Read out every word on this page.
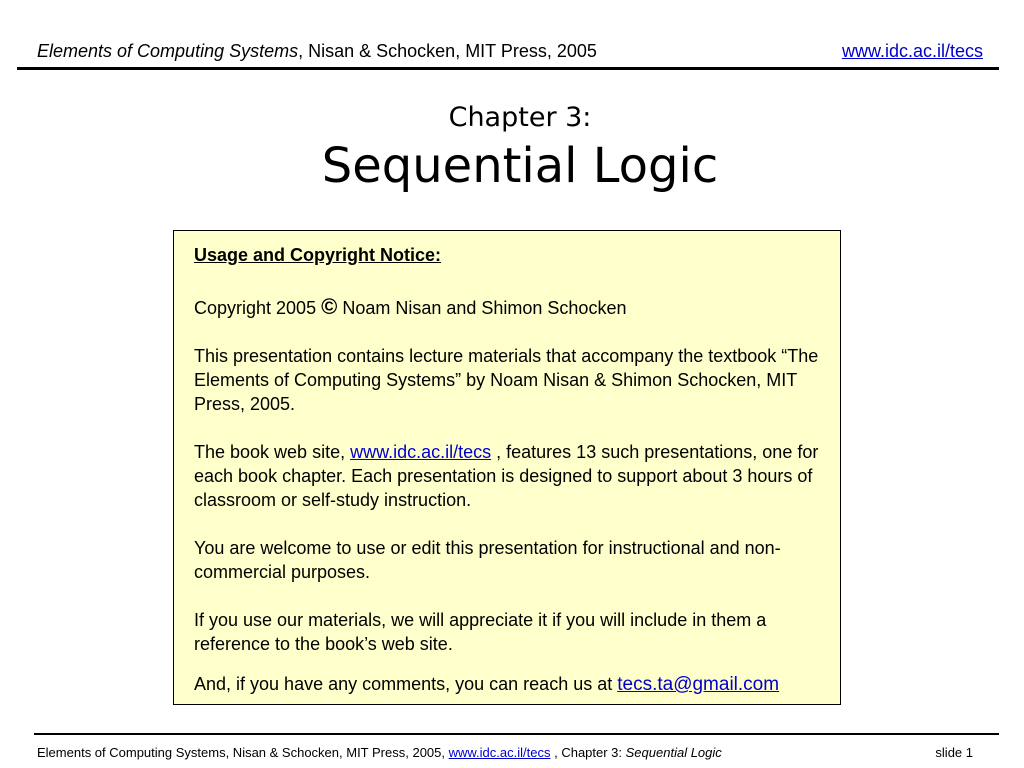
Elements of Computing Systems, Nisan & Schocken, MIT Press, 2005	www.idc.ac.il/tecs
Chapter 3:
Sequential Logic

Usage and Copyright Notice:

Copyright 2005 © Noam Nisan and Shimon Schocken

This presentation contains lecture materials that accompany the textbook “The Elements of Computing Systems” by Noam Nisan & Shimon Schocken, MIT Press, 2005.

The book web site, www.idc.ac.il/tecs , features 13 such presentations, one for each book chapter. Each presentation is designed to support about 3 hours of classroom or self-study instruction.

You are welcome to use or edit this presentation for instructional and non-commercial purposes.

If you use our materials, we will appreciate it if you will include in them a reference to the book’s web site.

And, if you have any comments, you can reach us at tecs.ta@gmail.com

Elements of Computing Systems, Nisan & Schocken, MIT Press, 2005, www.idc.ac.il/tecs , Chapter 3: Sequential Logic	slide 1
